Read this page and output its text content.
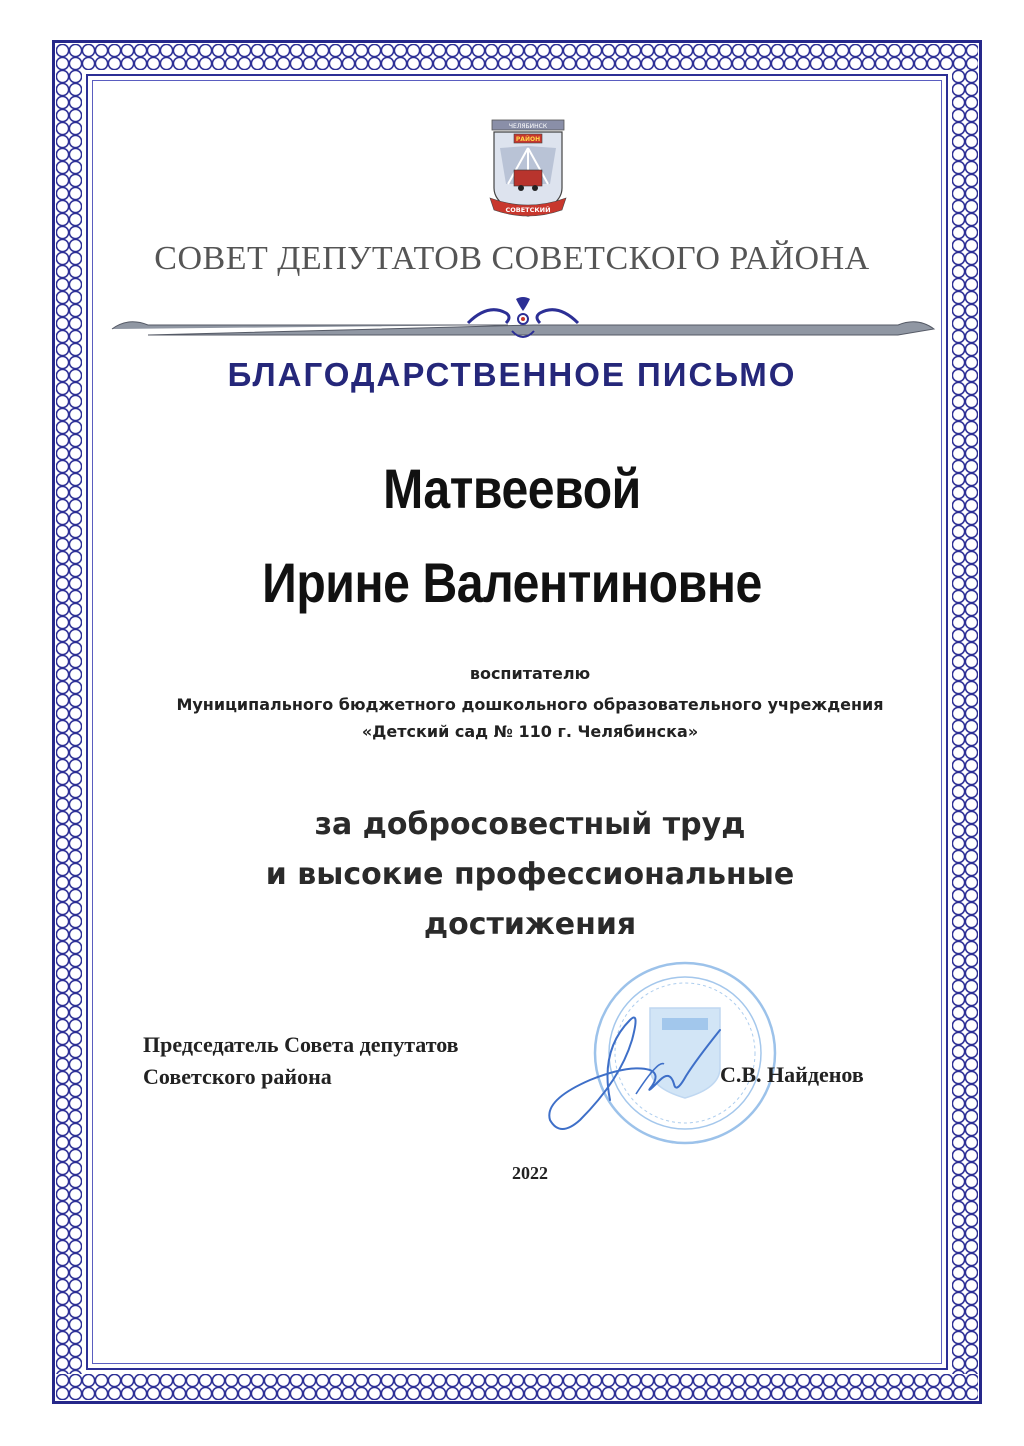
ЧЕЛЯБИНСК
РАЙОН
СОВЕТСКИЙ
СОВЕТ ДЕПУТАТОВ СОВЕТСКОГО РАЙОНА
БЛАГОДАРСТВЕННОЕ ПИСЬМО
Матвеевой
Ирине Валентиновне
воспитателю
Муниципального бюджетного дошкольного образовательного учреждения
«Детский сад № 110 г. Челябинска»
за добросовестный труд
и высокие профессиональные
достижения
Председатель Совета депутатов
Советского района	С.В. Найденов
2022
